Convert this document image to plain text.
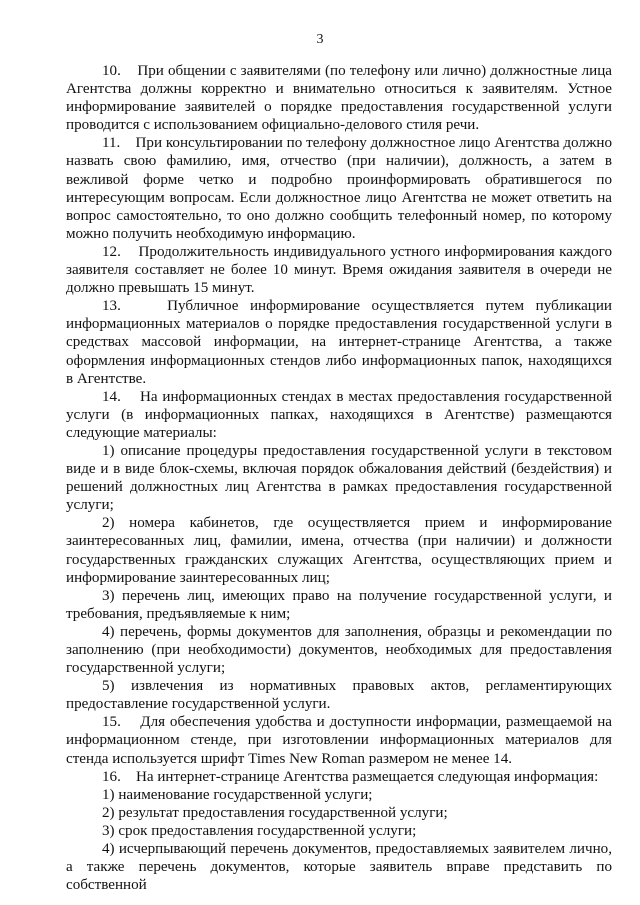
3

10.    При общении с заявителями (по телефону или лично) должностные лица Агентства должны корректно и внимательно относиться к заявителям. Устное информирование заявителей о порядке предоставления государственной услуги проводится с использованием официально-делового стиля речи.

11.    При консультировании по телефону должностное лицо Агентства должно назвать свою фамилию, имя, отчество (при наличии), должность, а затем в вежливой форме четко и подробно проинформировать обратившегося по интересующим вопросам. Если должностное лицо Агентства не может ответить на вопрос самостоятельно, то оно должно сообщить телефонный номер, по которому можно получить необходимую информацию.

12.    Продолжительность индивидуального устного информирования каждого заявителя составляет не более 10 минут. Время ожидания заявителя в очереди не должно превышать 15 минут.

13.    Публичное информирование осуществляется путем публикации информационных материалов о порядке предоставления государственной услуги в средствах массовой информации, на интернет-странице Агентства, а также оформления информационных стендов либо информационных папок, находящихся в Агентстве.

14.    На информационных стендах в местах предоставления государственной услуги (в информационных папках, находящихся в Агентстве) размещаются следующие материалы:

1) описание процедуры предоставления государственной услуги в текстовом виде и в виде блок-схемы, включая порядок обжалования действий (бездействия) и решений должностных лиц Агентства в рамках предоставления государственной услуги;

2) номера кабинетов, где осуществляется прием и информирование заинтересованных лиц, фамилии, имена, отчества (при наличии) и должности государственных гражданских служащих Агентства, осуществляющих прием и информирование заинтересованных лиц;

3) перечень лиц, имеющих право на получение государственной услуги, и требования, предъявляемые к ним;

4) перечень, формы документов для заполнения, образцы и рекомендации по заполнению (при необходимости) документов, необходимых для предоставления государственной услуги;

5) извлечения из нормативных правовых актов, регламентирующих предоставление государственной услуги.

15.    Для обеспечения удобства и доступности информации, размещаемой на информационном стенде, при изготовлении информационных материалов для стенда используется шрифт Times New Roman размером не менее 14.

16.    На интернет-странице Агентства размещается следующая информация:

1) наименование государственной услуги;

2) результат предоставления государственной услуги;

3) срок предоставления государственной услуги;

4) исчерпывающий перечень документов, предоставляемых заявителем лично, а также перечень документов, которые заявитель вправе представить по собственной
